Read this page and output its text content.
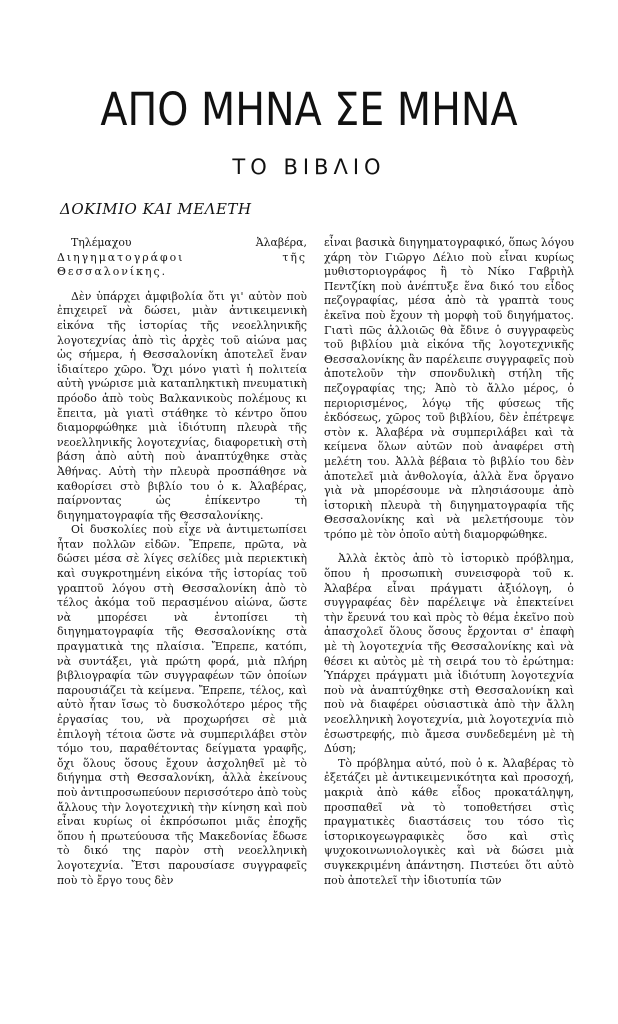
ΑΠΟ ΜΗΝΑ ΣΕ ΜΗΝΑ
ΤΟ ΒΙΒΛΙΟ
ΔΟΚΙΜΙΟ ΚΑΙ ΜΕΛΕΤΗ

Τηλέμαχου Ἀλαβέρα, Διηγηματογράφοι τῆς Θεσσαλονίκης.

Δὲν ὑπάρχει ἀμφιβολία ὅτι γι' αὐτὸν ποὺ ἐπιχειρεῖ νὰ δώσει, μιὰν ἀντικειμενικὴ εἰκόνα τῆς ἱστορίας τῆς νεοελληνικῆς λογοτεχνίας ἀπὸ τὶς ἀρχὲς τοῦ αἰώνα μας ὡς σήμερα, ἡ Θεσσαλονίκη ἀποτελεῖ ἕναν ἰδιαίτερο χῶρο. Ὄχι μόνο γιατὶ ἡ πολιτεία αὐτὴ γνώρισε μιὰ καταπληκτικὴ πνευματικὴ πρόοδο ἀπὸ τοὺς Βαλκανικοὺς πολέμους κι ἔπειτα, μὰ γιατὶ στάθηκε τὸ κέντρο ὅπου διαμορφώθηκε μιὰ ἰδιότυπη πλευρὰ τῆς νεοελληνικῆς λογοτεχνίας, διαφορετικὴ στὴ βάση ἀπὸ αὐτὴ ποὺ ἀναπτύχθηκε στὰς Ἀθήνας. Αὐτὴ τὴν πλευρὰ προσπάθησε νὰ καθορίσει στὸ βιβλίο του ὁ κ. Ἀλαβέρας, παίρνοντας ὡς ἐπίκεντρο τὴ διηγηματογραφία τῆς Θεσσαλονίκης.

Οἱ δυσκολίες ποὺ εἶχε νὰ ἀντιμετωπίσει ἦταν πολλῶν εἰδῶν. Ἔπρεπε, πρῶτα, νὰ δώσει μέσα σὲ λίγες σελίδες μιὰ περιεκτικὴ καὶ συγκροτημένη εἰκόνα τῆς ἱστορίας τοῦ γραπτοῦ λόγου στὴ Θεσσαλονίκη ἀπὸ τὸ τέλος ἀκόμα τοῦ περασμένου αἰώνα, ὥστε νὰ μπορέσει νὰ ἐντοπίσει τὴ διηγηματογραφία τῆς Θεσσαλονίκης στὰ πραγματικὰ της πλαίσια. Ἔπρεπε, κατόπι, νὰ συντάξει, γιὰ πρώτη φορά, μιὰ πλήρη βιβλιογραφία τῶν συγγραφέων τῶν ὁποίων παρουσιάζει τὰ κείμενα. Ἔπρεπε, τέλος, καὶ αὐτὸ ἦταν ἴσως τὸ δυσκολότερο μέρος τῆς ἐργασίας του, νὰ προχωρήσει σὲ μιὰ ἐπιλογὴ τέτοια ὥστε νὰ συμπεριλάβει στὸν τόμο του, παραθέτοντας δείγματα γραφῆς, ὄχι ὅλους ὅσους ἔχουν ἀσχοληθεῖ μὲ τὸ διήγημα στὴ Θεσσαλονίκη, ἀλλὰ ἐκείνους ποὺ ἀντιπροσωπεύουν περισσότερο ἀπὸ τοὺς ἄλλους τὴν λογοτεχνικὴ τὴν κίνηση καὶ ποὺ εἶναι κυρίως οἱ ἐκπρόσωποι μιᾶς ἐποχῆς ὅπου ἡ πρωτεύουσα τῆς Μακεδονίας ἔδωσε τὸ δικό της παρὸν στὴ νεοελληνικὴ λογοτεχνία. Ἔτσι παρουσίασε συγγραφεῖς ποὺ τὸ ἔργο τους δὲν

εἶναι βασικὰ διηγηματογραφικό, ὅπως λόγου χάρη τὸν Γιῶργο Δέλιο ποὺ εἶναι κυρίως μυθιστοριογράφος ἢ τὸ Νίκο Γαβριὴλ Πεντζίκη ποὺ ἀνέπτυξε ἕνα δικό του εἶδος πεζογραφίας, μέσα ἀπὸ τὰ γραπτὰ τους ἐκεῖνα ποὺ ἔχουν τὴ μορφὴ τοῦ διηγήματος. Γιατὶ πῶς ἀλλοιῶς θὰ ἔδινε ὁ συγγραφεὺς τοῦ βιβλίου μιὰ εἰκόνα τῆς λογοτεχνικῆς Θεσσαλονίκης ἂν παρέλειπε συγγραφεῖς ποὺ ἀποτελοῦν τὴν σπονδυλικὴ στήλη τῆς πεζογραφίας της; Ἀπὸ τὸ ἄλλο μέρος, ὁ περιορισμένος, λόγῳ τῆς φύσεως τῆς ἐκδόσεως, χῶρος τοῦ βιβλίου, δὲν ἐπέτρεψε στὸν κ. Ἀλαβέρα νὰ συμπεριλάβει καὶ τὰ κείμενα ὅλων αὐτῶν ποὺ ἀναφέρει στὴ μελέτη του. Ἀλλὰ βέβαια τὸ βιβλίο του δὲν ἀποτελεῖ μιὰ ἀνθολογία, ἀλλὰ ἕνα ὄργανο γιὰ νὰ μπορέσουμε νὰ πλησιάσουμε ἀπὸ ἱστορικὴ πλευρὰ τὴ διηγηματογραφία τῆς Θεσσαλονίκης καὶ νὰ μελετήσουμε τὸν τρόπο μὲ τὸν ὁποῖο αὐτὴ διαμορφώθηκε.

Ἀλλὰ ἐκτὸς ἀπὸ τὸ ἱστορικὸ πρόβλημα, ὅπου ἡ προσωπικὴ συνεισφορὰ τοῦ κ. Ἀλαβέρα εἶναι πράγματι ἀξιόλογη, ὁ συγγραφέας δὲν παρέλειψε νὰ ἐπεκτείνει τὴν ἔρευνά του καὶ πρὸς τὸ θέμα ἐκεῖνο ποὺ ἀπασχολεῖ ὅλους ὅσους ἔρχονται σ' ἐπαφὴ μὲ τὴ λογοτεχνία τῆς Θεσσαλονίκης καὶ νὰ θέσει κι αὐτὸς μὲ τὴ σειρά του τὸ ἐρώτημα: Ὑπάρχει πράγματι μιὰ ἰδιότυπη λογοτεχνία ποὺ νὰ ἀναπτύχθηκε στὴ Θεσσαλονίκη καὶ ποὺ νὰ διαφέρει οὐσιαστικὰ ἀπὸ τὴν ἄλλη νεοελληνικὴ λογοτεχνία, μιὰ λογοτεχνία πιὸ ἐσωστρεφής, πιὸ ἄμεσα συνδεδεμένη μὲ τὴ Δύση;

Τὸ πρόβλημα αὐτό, ποὺ ὁ κ. Ἀλαβέρας τὸ ἐξετάζει μὲ ἀντικειμενικότητα καὶ προσοχή, μακριὰ ἀπὸ κάθε εἶδος προκατάληψη, προσπαθεῖ νὰ τὸ τοποθετήσει στὶς πραγματικὲς διαστάσεις του τόσο τὶς ἱστορικογεωγραφικὲς ὅσο καὶ στὶς ψυχοκοινωνιολογικὲς καὶ νὰ δώσει μιὰ συγκεκριμένη ἀπάντηση. Πιστεύει ὅτι αὐτὸ ποὺ ἀποτελεῖ τὴν ἰδιοτυπία τῶν
